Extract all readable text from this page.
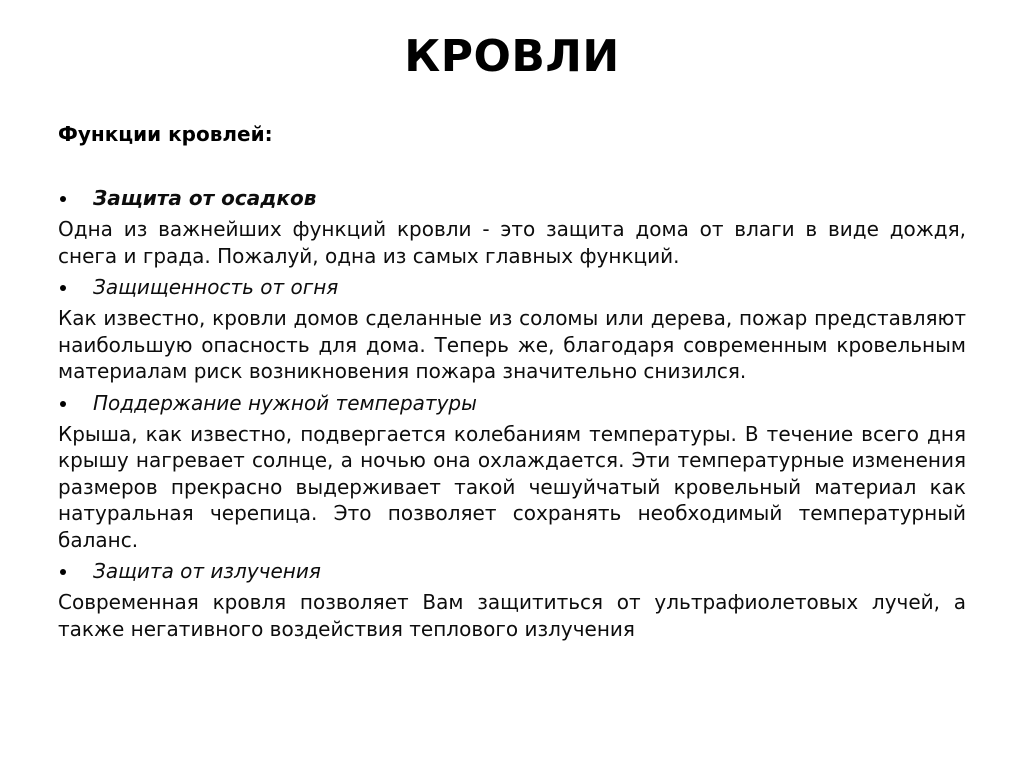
КРОВЛИ
Функции кровлей:
Защита от осадков

Одна из важнейших функций кровли - это защита дома от влаги в виде дождя, снега и града. Пожалуй, одна из самых главных функций.

Защищенность от огня

Как известно, кровли домов сделанные из соломы или дерева, пожар представляют наибольшую опасность для дома. Теперь же, благодаря современным кровельным материалам риск возникновения пожара значительно снизился.

Поддержание нужной температуры

Крыша, как известно, подвергается колебаниям температуры. В течение всего дня крышу нагревает солнце, а ночью она охлаждается. Эти температурные изменения размеров прекрасно выдерживает такой чешуйчатый кровельный материал как натуральная черепица. Это позволяет сохранять необходимый температурный баланс.

Защита от излучения

Современная кровля позволяет Вам защититься от ультрафиолетовых лучей, а также негативного воздействия теплового излучения
